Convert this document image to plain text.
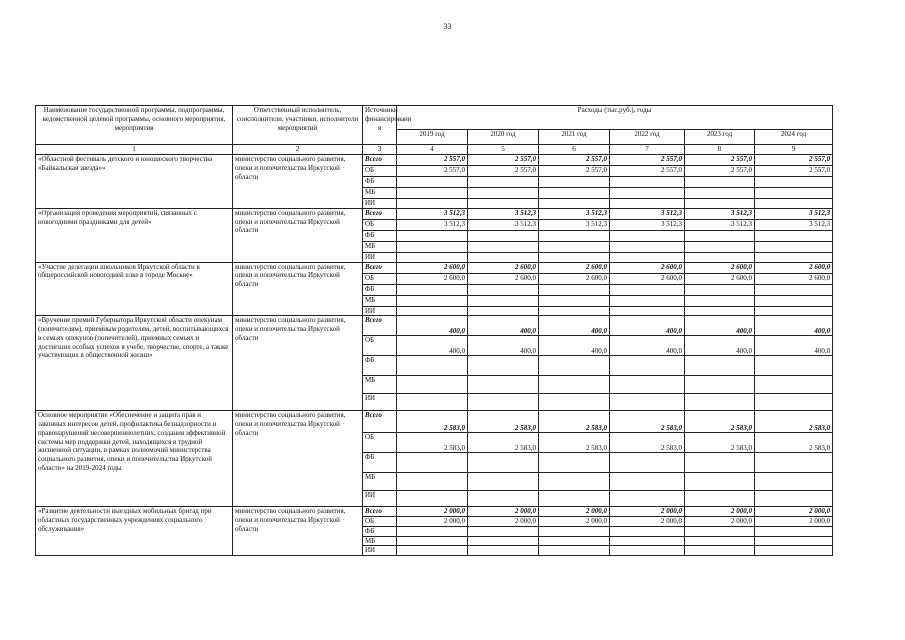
33
Наименование государственной программы, подпрограммы, ведомственной целевой программы, основного мероприятия, мероприятия	Ответственный исполнитель, соисполнители, участники, исполнители мероприятий	Источники финансировани я	Расходы (тыс.руб.), годы					
			2019 год	2020 год	2021 год	2022 год	2023 год	2024 год
1	2	3	4	5	6	7	8	9
«Областной фестиваль детского и юношеского творчества «Байкальская звезда»»	министерство социального развития, опеки и попечительства Иркутской области	Всего	2 557,0	2 557,0	2 557,0	2 557,0	2 557,0	2 557,0
		ОБ	2 557,0	2 557,0	2 557,0	2 557,0	2 557,0	2 557,0
		ФБ						
		МБ						
		ИИ						
«Организация проведения мероприятий, связанных с новогодними праздниками для детей»	министерство социального развития, опеки и попечительства Иркутской области	Всего	3 512,3	3 512,3	3 512,3	3 512,3	3 512,3	3 512,3
		ОБ	3 512,3	3 512,3	3 512,3	3 512,3	3 512,3	3 512,3
		ФБ						
		МБ						
		ИИ						
«Участие делегации школьников Иркутской области в общероссийской новогодней елке в городе Москве»	министерство социального развития, опеки и попечительства Иркутской области	Всего	2 600,0	2 600,0	2 600,0	2 600,0	2 600,0	2 600,0
		ОБ	2 600,0	2 600,0	2 600,0	2 600,0	2 600,0	2 600,0
		ФБ						
		МБ						
		ИИ						
«Вручение премий Губернатора Иркутской области опекунам (попечителям), приемным родителям, детей, воспитывающихся в семьях опекунов (попечителей), приемных семьях и достигших особых успехов в учебе, творчестве, спорте, а также участвующих в общественной жизни»	министерство социального развития, опеки и попечительства Иркутской области	Всего	400,0	400,0	400,0	400,0	400,0	400,0
		ОБ	400,0	400,0	400,0	400,0	400,0	400,0
		ФБ						
		МБ						
		ИИ						
Основное мероприятие «Обеспечение и защита прав и законных интересов детей, профилактика безнадзорности и правонарушений несовершеннолетних, создания эффективной системы мер поддержки детей, находящихся в трудной жизненной ситуации, в рамках полномочий министерства социального развития, опеки и попечительства Иркутской области» на 2019-2024 годы	министерство социального развития, опеки и попечительства Иркутской области	Всего	2 583,0	2 583,0	2 583,0	2 583,0	2 583,0	2 583,0
		ОБ	2 583,0	2 583,0	2 583,0	2 583,0	2 583,0	2 583,0
		ФБ						
		МБ						
		ИИ						
«Развитие деятельности выездных мобильных бригад при областных государственных учреждениях социального обслуживания»	министерство социального развития, опеки и попечительства Иркутской области	Всего	2 000,0	2 000,0	2 000,0	2 000,0	2 000,0	2 000,0
		ОБ	2 000,0	2 000,0	2 000,0	2 000,0	2 000,0	2 000,0
		ФБ						
		МБ						
		ИИ						
